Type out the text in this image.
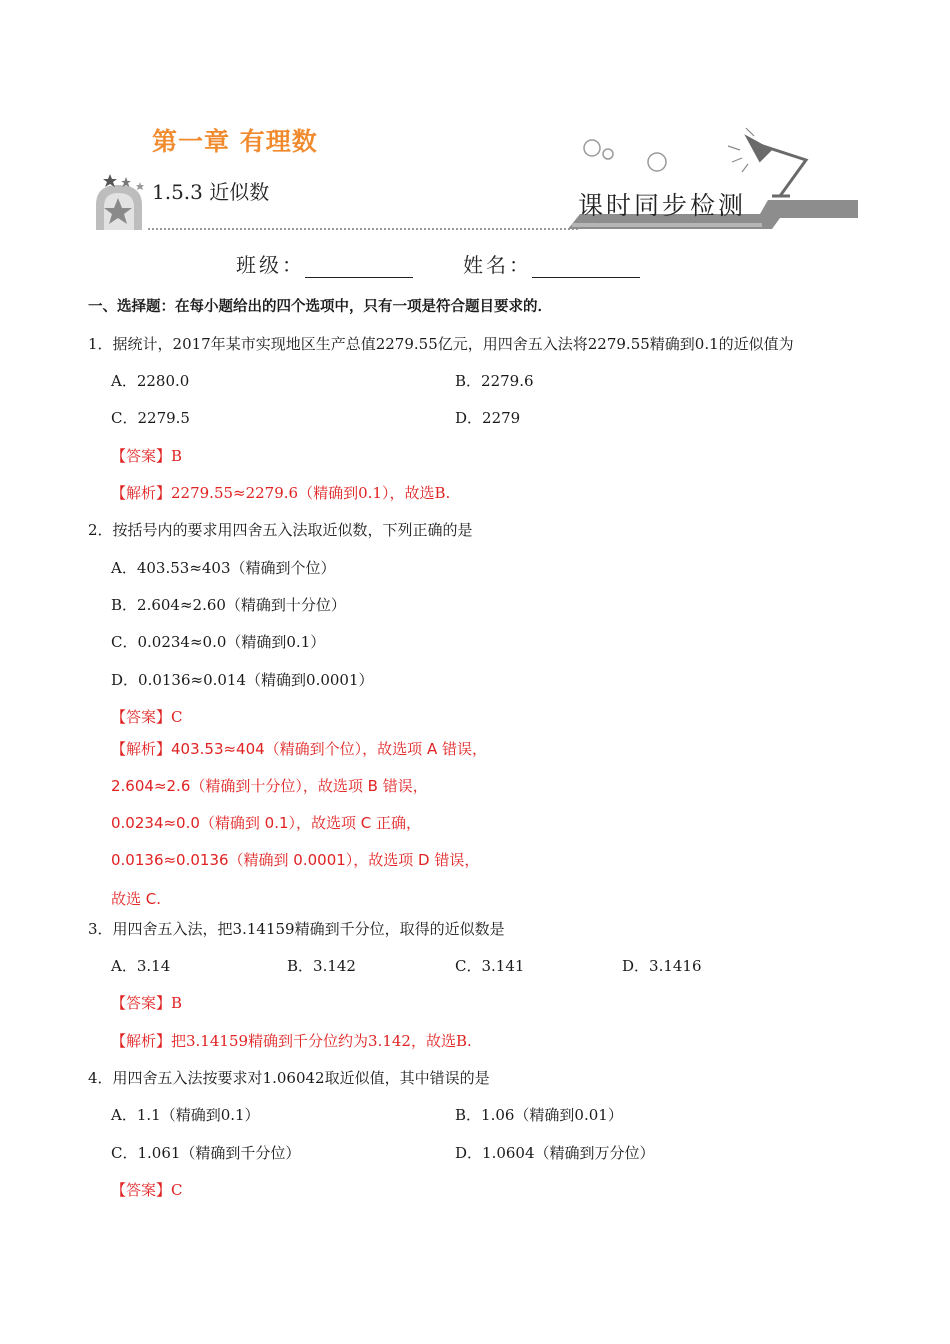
第一章 有理数
1.5.3 近似数	课时同步检测
班级：	姓名：
一、选择题：在每小题给出的四个选项中，只有一项是符合题目要求的．
1．据统计，2017年某市实现地区生产总值2279.55亿元，用四舍五入法将2279.55精确到0.1的近似值为
A．2280.0	B．2279.6
C．2279.5	D．2279
【答案】B
【解析】2279.55≈2279.6（精确到0.1），故选B.
2．按括号内的要求用四舍五入法取近似数，下列正确的是
A．403.53≈403（精确到个位）
B．2.604≈2.60（精确到十分位）
C．0.0234≈0.0（精确到0.1）
D．0.0136≈0.014（精确到0.0001）
【答案】C
【解析】403.53≈404（精确到个位），故选项 A 错误，
2.604≈2.6（精确到十分位），故选项 B 错误，
0.0234≈0.0（精确到 0.1），故选项 C 正确，
0.0136≈0.0136（精确到 0.0001），故选项 D 错误，
故选 C.
3．用四舍五入法，把3.14159精确到千分位，取得的近似数是
A．3.14	B．3.142	C．3.141	D．3.1416
【答案】B
【解析】把3.14159精确到千分位约为3.142，故选B.
4．用四舍五入法按要求对1.06042取近似值，其中错误的是
A．1.1（精确到0.1）	B．1.06（精确到0.01）
C．1.061（精确到千分位）	D．1.0604（精确到万分位）
【答案】C
